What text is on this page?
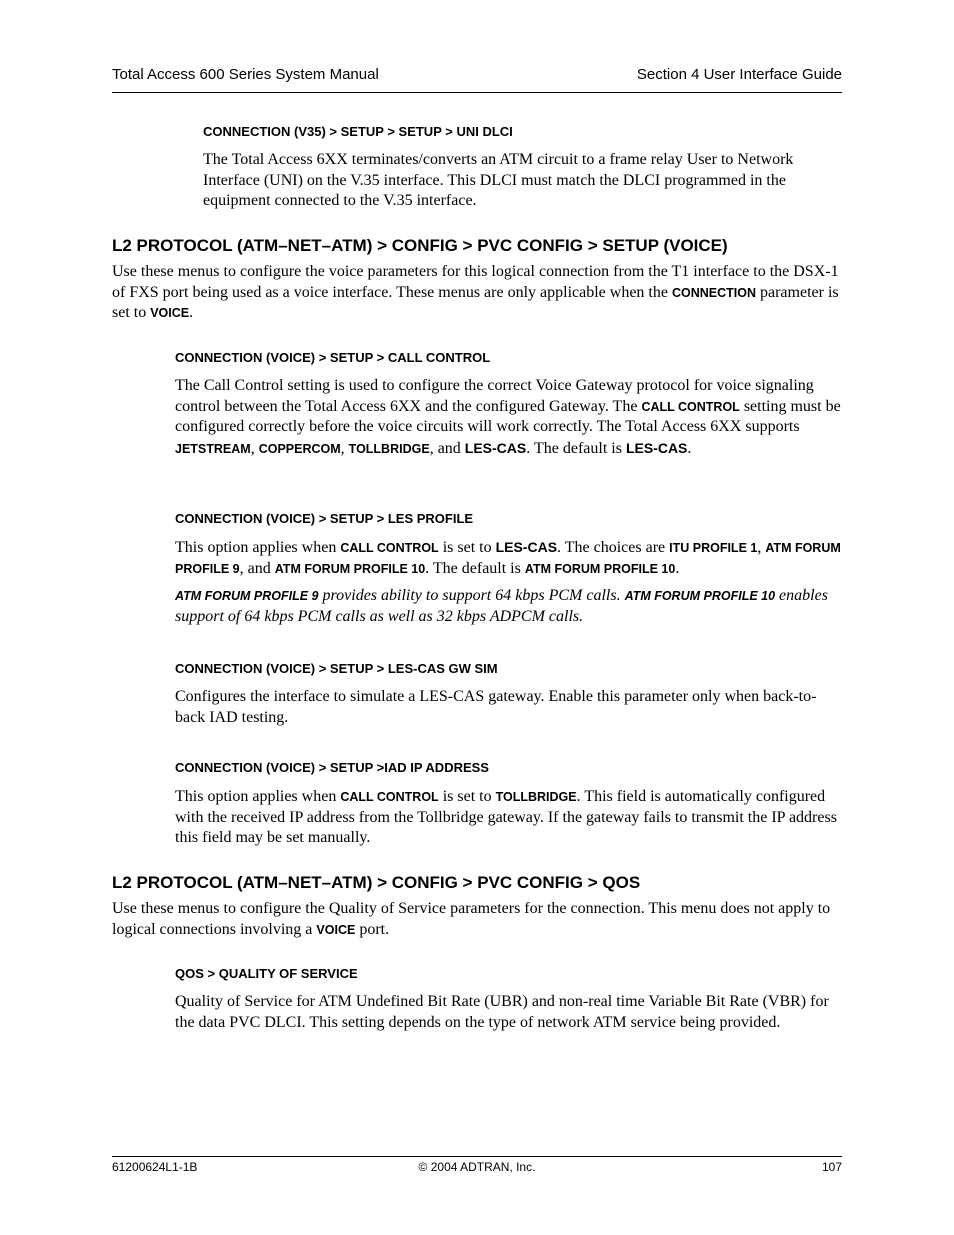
Total Access 600 Series System Manual	Section 4 User Interface Guide
CONNECTION (V35) > SETUP > SETUP > UNI DLCI

The Total Access 6XX terminates/converts an ATM circuit to a frame relay User to Network Interface (UNI) on the V.35 interface. This DLCI must match the DLCI programmed in the equipment connected to the V.35 interface.

L2 PROTOCOL (ATM–NET–ATM) > CONFIG > PVC CONFIG > SETUP (VOICE)

Use these menus to configure the voice parameters for this logical connection from the T1 interface to the DSX-1 of FXS port being used as a voice interface. These menus are only applicable when the CONNECTION parameter is set to VOICE.

CONNECTION (VOICE) > SETUP > CALL CONTROL

The Call Control setting is used to configure the correct Voice Gateway protocol for voice signaling control between the Total Access 6XX and the configured Gateway. The CALL CONTROL setting must be configured correctly before the voice circuits will work correctly. The Total Access 6XX supports JETSTREAM, COPPERCOM, TOLLBRIDGE, and LES-CAS. The default is LES-CAS.

CONNECTION (VOICE) > SETUP > LES PROFILE

This option applies when CALL CONTROL is set to LES-CAS. The choices are ITU PROFILE 1, ATM FORUM PROFILE 9, and ATM FORUM PROFILE 10. The default is ATM FORUM PROFILE 10.

ATM FORUM PROFILE 9 provides ability to support 64 kbps PCM calls. ATM FORUM PROFILE 10 enables support of 64 kbps PCM calls as well as 32 kbps ADPCM calls.

CONNECTION (VOICE) > SETUP > LES-CAS GW SIM

Configures the interface to simulate a LES-CAS gateway. Enable this parameter only when back-to-back IAD testing.

CONNECTION (VOICE) > SETUP >IAD IP ADDRESS

This option applies when CALL CONTROL is set to TOLLBRIDGE. This field is automatically configured with the received IP address from the Tollbridge gateway. If the gateway fails to transmit the IP address this field may be set manually.

L2 PROTOCOL (ATM–NET–ATM) > CONFIG > PVC CONFIG > QOS

Use these menus to configure the Quality of Service parameters for the connection. This menu does not apply to logical connections involving a VOICE port.

QOS > QUALITY OF SERVICE

Quality of Service for ATM Undefined Bit Rate (UBR) and non-real time Variable Bit Rate (VBR) for the data PVC DLCI. This setting depends on the type of network ATM service being provided.

61200624L1-1B	© 2004 ADTRAN, Inc.	107
